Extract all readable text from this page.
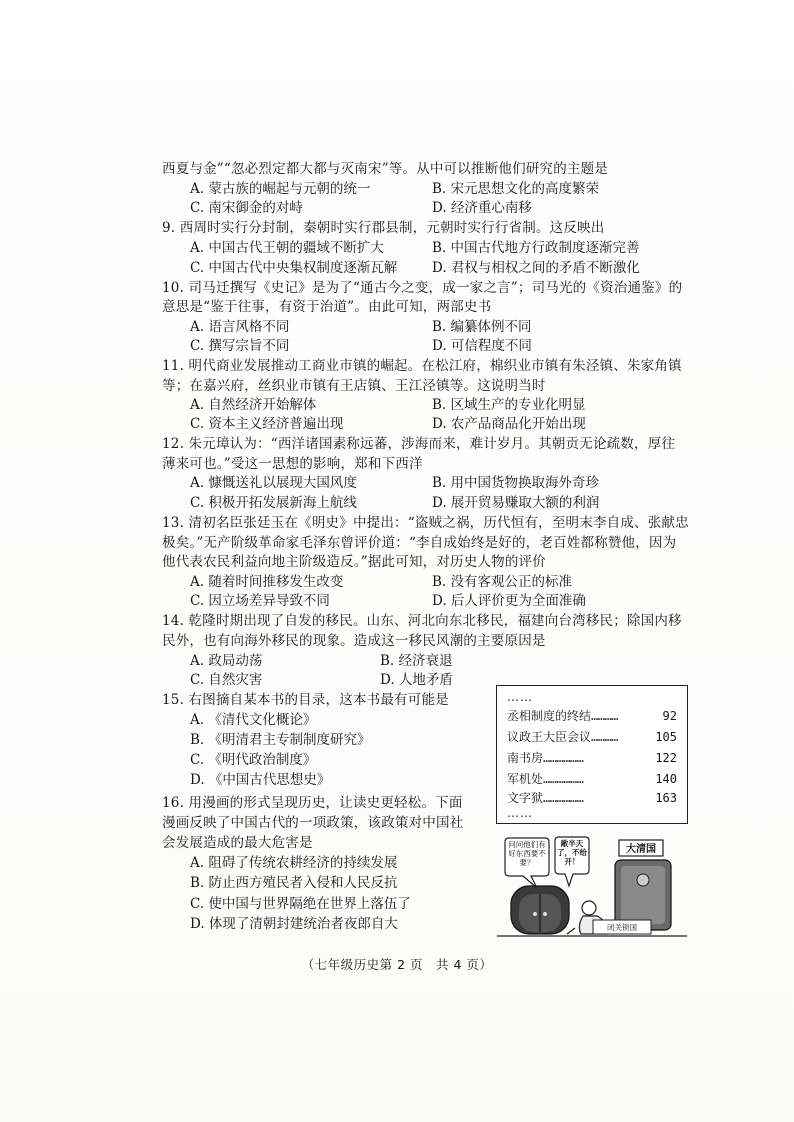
西夏与金”“忽必烈定都大都与灭南宋”等。从中可以推断他们研究的主题是
A. 蒙古族的崛起与元朝的统一	B. 宋元思想文化的高度繁荣
C. 南宋御金的对峙	D. 经济重心南移
9. 西周时实行分封制，秦朝时实行郡县制，元朝时实行行省制。这反映出
A. 中国古代王朝的疆域不断扩大	B. 中国古代地方行政制度逐渐完善
C. 中国古代中央集权制度逐渐瓦解	D. 君权与相权之间的矛盾不断激化
10. 司马迁撰写《史记》是为了“通古今之变，成一家之言”；司马光的《资治通鉴》的
意思是“鉴于往事，有资于治道”。由此可知，两部史书
A. 语言风格不同	B. 编纂体例不同
C. 撰写宗旨不同	D. 可信程度不同
11. 明代商业发展推动工商业市镇的崛起。在松江府，棉织业市镇有朱泾镇、朱家角镇
等；在嘉兴府，丝织业市镇有王店镇、王江泾镇等。这说明当时
A. 自然经济开始解体	B. 区域生产的专业化明显
C. 资本主义经济普遍出现	D. 农产品商品化开始出现
12. 朱元璋认为：“西洋诸国素称远蕃，涉海而来，难计岁月。其朝贡无论疏数，厚往
薄来可也。”受这一思想的影响，郑和下西洋
A. 慷慨送礼以展现大国风度	B. 用中国货物换取海外奇珍
C. 积极开拓发展新海上航线	D. 展开贸易赚取大额的利润
13. 清初名臣张廷玉在《明史》中提出：“盗贼之祸，历代恒有，至明末李自成、张献忠
极矣。”无产阶级革命家毛泽东曾评价道：“李自成始终是好的，老百姓都称赞他，因为
他代表农民利益向地主阶级造反。”据此可知，对历史人物的评价
A. 随着时间推移发生改变	B. 没有客观公正的标准
C. 因立场差异导致不同	D. 后人评价更为全面准确
14. 乾隆时期出现了自发的移民。山东、河北向东北移民，福建向台湾移民；除国内移
民外，也有向海外移民的现象。造成这一移民风潮的主要原因是
A. 政局动荡	B. 经济衰退
C. 自然灾害	D. 人地矛盾
15. 右图摘自某本书的目录，这本书最有可能是
A. 《清代文化概论》
B. 《明清君主专制制度研究》
C. 《明代政治制度》
D. 《中国古代思想史》
……
丞相制度的终结…………	92
议政王大臣会议…………	105
南书房………………	122
军机处………………	140
文字狱………………	163
……
16. 用漫画的形式呈现历史，让读史更轻松。下面
漫画反映了中国古代的一项政策，该政策对中国社
会发展造成的最大危害是
A. 阻碍了传统农耕经济的持续发展
B. 防止西方殖民者入侵和人民反抗
C. 使中国与世界隔绝在世界上落伍了
D. 体现了清朝封建统治者夜郎自大
问问他们有好东西要不要？
敞半天了，不给开！
大清国
闭关锁国
（七年级历史第 2 页　共 4 页）
